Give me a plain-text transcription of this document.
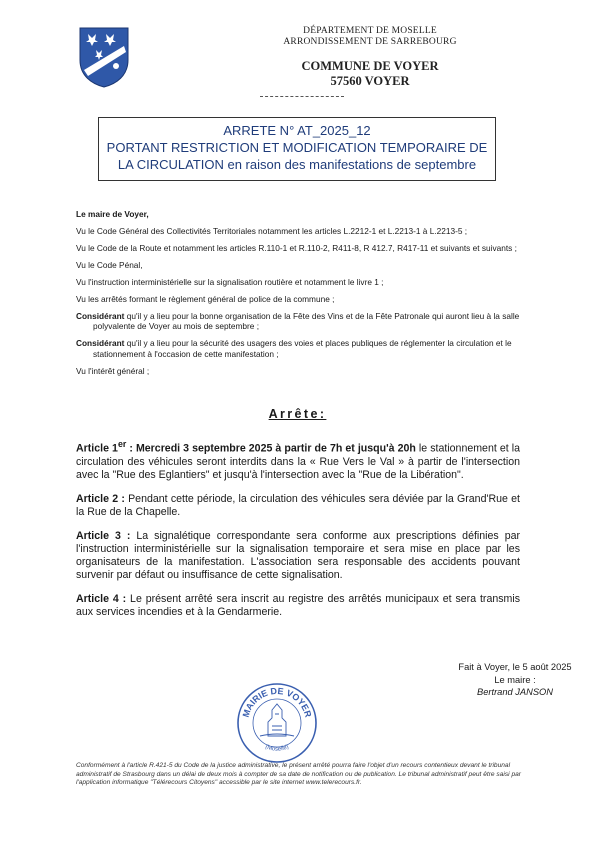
DÉPARTEMENT DE MOSELLE
ARRONDISSEMENT DE SARREBOURG
COMMUNE DE VOYER
57560 VOYER
ARRETE N° AT_2025_12
PORTANT RESTRICTION ET MODIFICATION TEMPORAIRE DE
LA CIRCULATION en raison des manifestations de septembre

Le maire de Voyer,

Vu le Code Général des Collectivités Territoriales notamment les articles L.2212-1 et L.2213-1 à L.2213-5 ;

Vu le Code de la Route et notamment les articles R.110-1 et R.110-2, R411-8, R 412.7, R417-11 et suivants et suivants ;

Vu le Code Pénal,

Vu l'instruction interministérielle sur la signalisation routière et notamment le livre 1 ;

Vu les arrêtés formant le règlement général de police de la commune ;

Considérant qu'il y a lieu pour la bonne organisation de la Fête des Vins et de la Fête Patronale qui auront lieu à la salle polyvalente de Voyer au mois de septembre ;

Considérant qu'il y a lieu pour la sécurité des usagers des voies et places publiques de réglementer la circulation et le stationnement à l'occasion de cette manifestation ;

Vu l'intérêt général ;

Arrête:

Article 1er : Mercredi 3 septembre 2025 à partir de 7h et jusqu'à 20h le stationnement et la circulation des véhicules seront interdits dans la « Rue Vers le Val » à partir de l'intersection avec la "Rue des Eglantiers" et jusqu'à l'intersection avec la "Rue de la Libération".

Article 2 : Pendant cette période, la circulation des véhicules sera déviée par la Grand'Rue et la Rue de la Chapelle.

Article 3 : La signalétique correspondante sera conforme aux prescriptions définies par l'instruction interministérielle sur la signalisation temporaire et sera mise en place par les organisateurs de la manifestation. L'association sera responsable des accidents pouvant survenir par défaut ou insuffisance de cette signalisation.

Article 4 : Le présent arrêté sera inscrit au registre des arrêtés municipaux et sera transmis aux services incendies et à la Gendarmerie.

Fait à Voyer, le 5 août 2025
Le maire :
Bertrand JANSON
MAIRIE DE VOYER
(Moselle)
Conformément à l'article R.421-5 du Code de la justice administrative, le présent arrêté pourra faire l'objet d'un recours contentieux devant le tribunal administratif de Strasbourg dans un délai de deux mois à compter de sa date de notification ou de publication. Le tribunal administratif peut être saisi par l'application informatique "Télérecours Citoyens" accessible par le site internet www.telerecours.fr.
